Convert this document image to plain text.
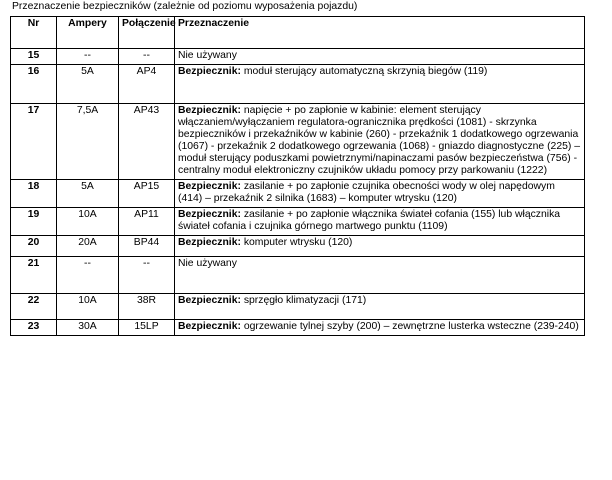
Przeznaczenie bezpieczników (zależnie od poziomu wyposażenia pojazdu)
Nr	Ampery	Połączenie	Przeznaczenie
15	--	--	Nie używany
16	5A	AP4	Bezpiecznik: moduł sterujący automatyczną skrzynią biegów (119)
17	7,5A	AP43	Bezpiecznik: napięcie + po zapłonie w kabinie: element sterujący włączaniem/wyłączaniem regulatora-ogranicznika prędkości (1081) - skrzynka bezpieczników i przekaźników w kabinie (260) - przekaźnik 1 dodatkowego ogrzewania (1067) - przekaźnik 2 dodatkowego ogrzewania (1068) - gniazdo diagnostyczne (225) – moduł sterujący poduszkami powietrznymi/napinaczami pasów bezpieczeństwa (756) - centralny moduł elektroniczny czujników układu pomocy przy parkowaniu (1222)
18	5A	AP15	Bezpiecznik: zasilanie + po zapłonie czujnika obecności wody w olej napędowym (414) – przekaźnik 2 silnika (1683) – komputer wtrysku (120)
19	10A	AP11	Bezpiecznik: zasilanie + po zapłonie włącznika świateł cofania (155) lub włącznika świateł cofania i czujnika górnego martwego punktu (1109)
20	20A	BP44	Bezpiecznik: komputer wtrysku (120)
21	--	--	Nie używany
22	10A	38R	Bezpiecznik: sprzęgło klimatyzacji (171)
23	30A	15LP	Bezpiecznik: ogrzewanie tylnej szyby (200) – zewnętrzne lusterka wsteczne (239-240)
